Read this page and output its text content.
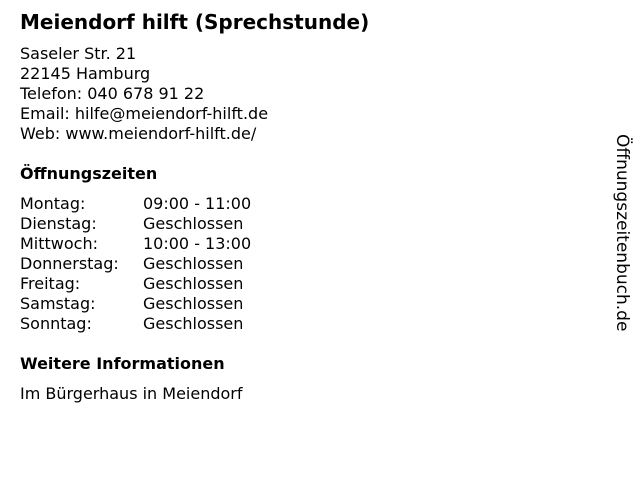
Meiendorf hilft (Sprechstunde)
Saseler Str. 21
22145 Hamburg
Telefon: 040 678 91 22
Email: hilfe@meiendorf-hilft.de
Web: www.meiendorf-hilft.de/
Öffnungszeiten
Montag:	09:00 - 11:00
Dienstag:	Geschlossen
Mittwoch:	10:00 - 13:00
Donnerstag:	Geschlossen
Freitag:	Geschlossen
Samstag:	Geschlossen
Sonntag:	Geschlossen
Weitere Informationen
Im Bürgerhaus in Meiendorf
Öffnungszeitenbuch.de
